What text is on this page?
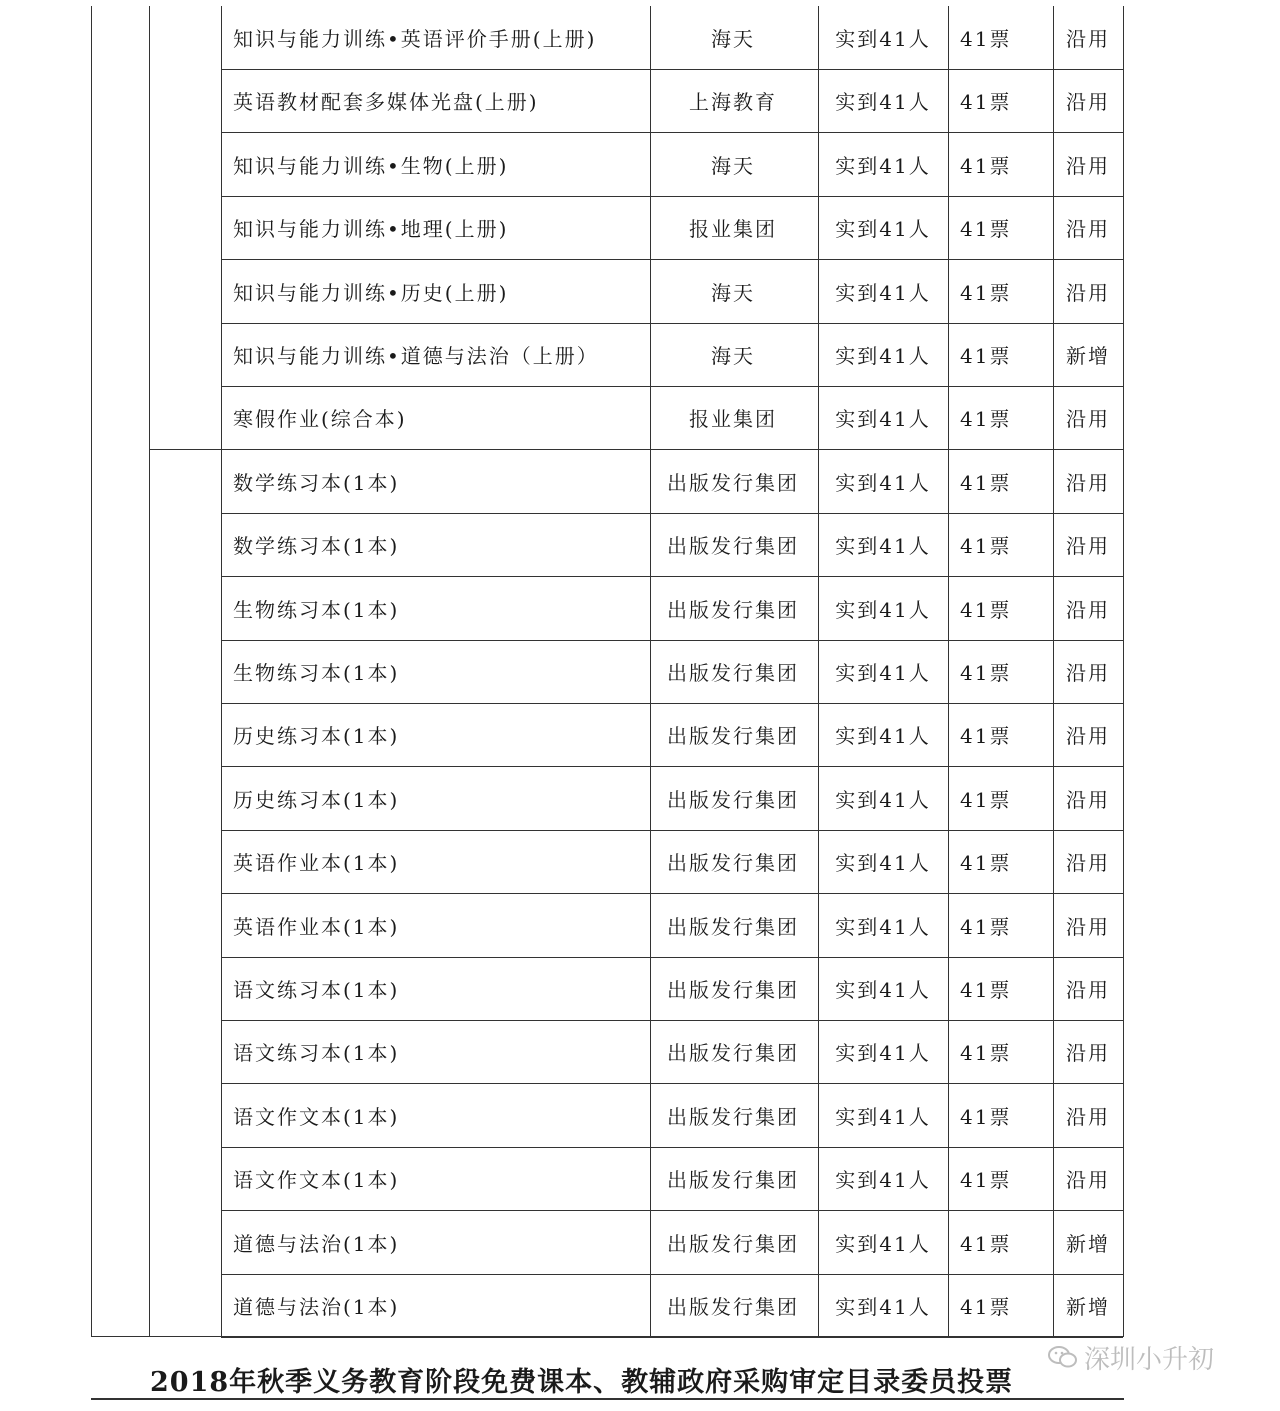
知识与能力训练•英语评价手册(上册)	海天	实到41人	41票	沿用
英语教材配套多媒体光盘(上册)	上海教育	实到41人	41票	沿用
知识与能力训练•生物(上册)	海天	实到41人	41票	沿用
知识与能力训练•地理(上册)	报业集团	实到41人	41票	沿用
知识与能力训练•历史(上册)	海天	实到41人	41票	沿用
知识与能力训练•道德与法治（上册）	海天	实到41人	41票	新增
寒假作业(综合本)	报业集团	实到41人	41票	沿用
数学练习本(1本)	出版发行集团	实到41人	41票	沿用
数学练习本(1本)	出版发行集团	实到41人	41票	沿用
生物练习本(1本)	出版发行集团	实到41人	41票	沿用
生物练习本(1本)	出版发行集团	实到41人	41票	沿用
历史练习本(1本)	出版发行集团	实到41人	41票	沿用
历史练习本(1本)	出版发行集团	实到41人	41票	沿用
英语作业本(1本)	出版发行集团	实到41人	41票	沿用
英语作业本(1本)	出版发行集团	实到41人	41票	沿用
语文练习本(1本)	出版发行集团	实到41人	41票	沿用
语文练习本(1本)	出版发行集团	实到41人	41票	沿用
语文作文本(1本)	出版发行集团	实到41人	41票	沿用
语文作文本(1本)	出版发行集团	实到41人	41票	沿用
道德与法治(1本)	出版发行集团	实到41人	41票	新增
道德与法治(1本)	出版发行集团	实到41人	41票	新增
2018年秋季义务教育阶段免费课本、教辅政府采购审定目录委员投票
深圳小升初
